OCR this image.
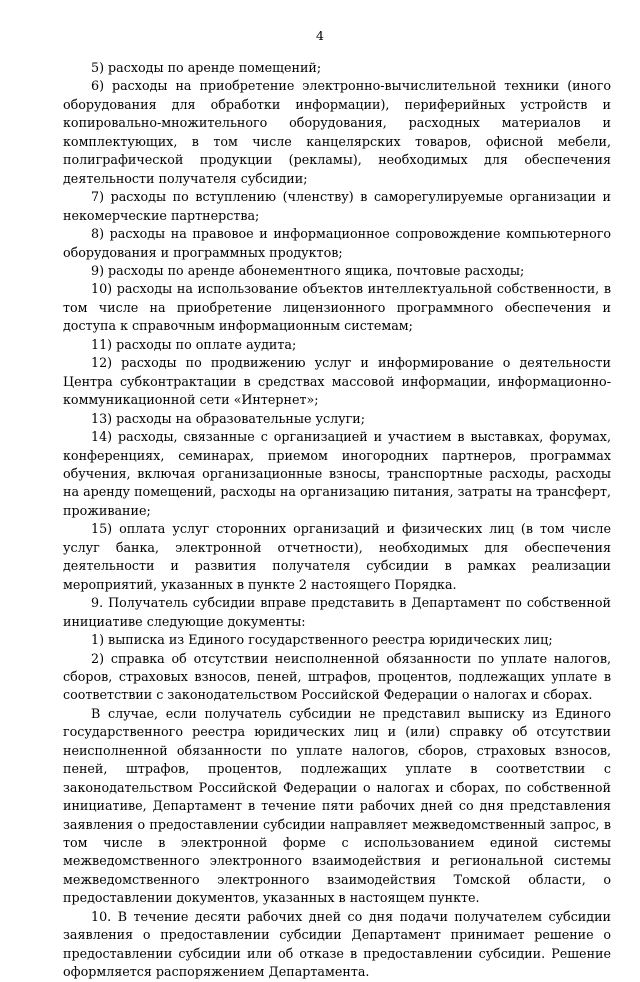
4

5) расходы по аренде помещений;

6) расходы на приобретение электронно-вычислительной техники (иного оборудования для обработки информации), периферийных устройств и копировально-множительного оборудования, расходных материалов и комплектующих, в том числе канцелярских товаров, офисной мебели, полиграфической продукции (рекламы), необходимых для обеспечения деятельности получателя субсидии;

7) расходы по вступлению (членству) в саморегулируемые организации и некомерческие партнерства;

8) расходы на правовое и информационное сопровождение компьютерного оборудования и программных продуктов;

9) расходы по аренде абонементного ящика, почтовые расходы;

10) расходы на использование объектов интеллектуальной собственности, в том числе на приобретение лицензионного программного обеспечения и доступа к справочным информационным системам;

11) расходы по оплате аудита;

12) расходы по продвижению услуг и информирование о деятельности Центра субконтрактации в средствах массовой информации, информационно-коммуникационной сети «Интернет»;

13) расходы на образовательные услуги;

14) расходы, связанные с организацией и участием в выставках, форумах, конференциях, семинарах, приемом иногородних партнеров, программах обучения, включая организационные взносы, транспортные расходы, расходы на аренду помещений, расходы на организацию питания, затраты на трансферт, проживание;

15) оплата услуг сторонних организаций и физических лиц (в том числе услуг банка, электронной отчетности), необходимых для обеспечения деятельности и развития получателя субсидии в рамках реализации мероприятий, указанных в пункте 2 настоящего Порядка.

9. Получатель субсидии вправе представить в Департамент по собственной инициативе следующие документы:

1) выписка из Единого государственного реестра юридических лиц;

2) справка об отсутствии неисполненной обязанности по уплате налогов, сборов, страховых взносов, пеней, штрафов, процентов, подлежащих уплате в соответствии с законодательством Российской Федерации о налогах и сборах.

В случае, если получатель субсидии не представил выписку из Единого государственного реестра юридических лиц и (или) справку об отсутствии неисполненной обязанности по уплате налогов, сборов, страховых взносов, пеней, штрафов, процентов, подлежащих уплате в соответствии с законодательством Российской Федерации о налогах и сборах, по собственной инициативе, Департамент в течение пяти рабочих дней со дня представления заявления о предоставлении субсидии направляет межведомственный запрос, в том числе в электронной форме с использованием единой системы межведомственного электронного взаимодействия и региональной системы межведомственного электронного взаимодействия Томской области, о предоставлении документов, указанных в настоящем пункте.

10. В течение десяти рабочих дней со дня подачи получателем субсидии заявления о предоставлении субсидии Департамент принимает решение о предоставлении субсидии или об отказе в предоставлении субсидии. Решение оформляется распоряжением Департамента.
